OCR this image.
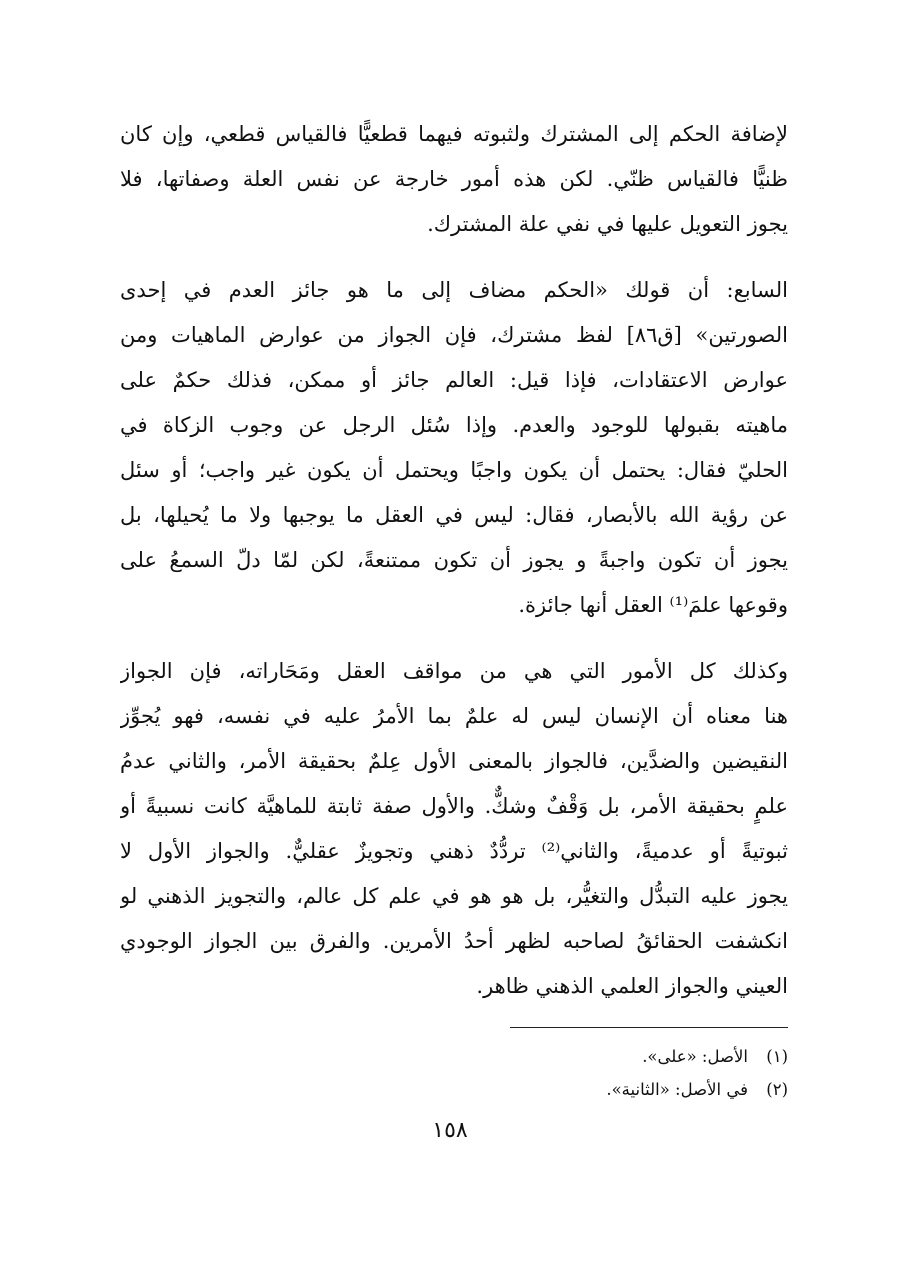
لإضافة الحكم إلى المشترك ولثبوته فيهما قطعيًّا فالقياس قطعي، وإن كان
ظنيًّا فالقياس ظنّي. لكن هذه أمور خارجة عن نفس العلة وصفاتها، فلا
يجوز التعويل عليها في نفي علة المشترك.
السابع: أن قولك «الحكم مضاف إلى ما هو جائز العدم في إحدى
الصورتين» [ق٨٦] لفظ مشترك، فإن الجواز من عوارض الماهيات ومن
عوارض الاعتقادات، فإذا قيل: العالم جائز أو ممكن، فذلك حكمٌ على
ماهيته بقبولها للوجود والعدم. وإذا سُئل الرجل عن وجوب الزكاة في
الحليّ فقال: يحتمل أن يكون واجبًا ويحتمل أن يكون غير واجب؛ أو سئل
عن رؤية الله بالأبصار، فقال: ليس في العقل ما يوجبها ولا ما يُحيلها، بل
يجوز أن تكون واجبةً و يجوز أن تكون ممتنعةً، لكن لمّا دلّ السمعُ على
وقوعها علمَ⁽¹⁾ العقل أنها جائزة.
وكذلك كل الأمور التي هي من مواقف العقل ومَحَاراته، فإن الجواز
هنا معناه أن الإنسان ليس له علمٌ بما الأمرُ عليه في نفسه، فهو يُجوِّز
النقيضين والضدَّين، فالجواز بالمعنى الأول عِلمٌ بحقيقة الأمر، والثاني عدمُ
علمٍ بحقيقة الأمر، بل وَقْفٌ وشكٌّ. والأول صفة ثابتة للماهيَّة كانت نسبيةً أو
ثبوتيةً أو عدميةً، والثاني⁽²⁾ تردُّدٌ ذهني وتجويزٌ عقليٌّ. والجواز الأول لا
يجوز عليه التبدُّل والتغيُّر، بل هو هو في علم كل عالم، والتجويز الذهني لو
انكشفت الحقائقُ لصاحبه لظهر أحدُ الأمرين. والفرق بين الجواز الوجودي
العيني والجواز العلمي الذهني ظاهر.
(١)الأصل: «على».
(٢)في الأصل: «الثانية».
١٥٨
